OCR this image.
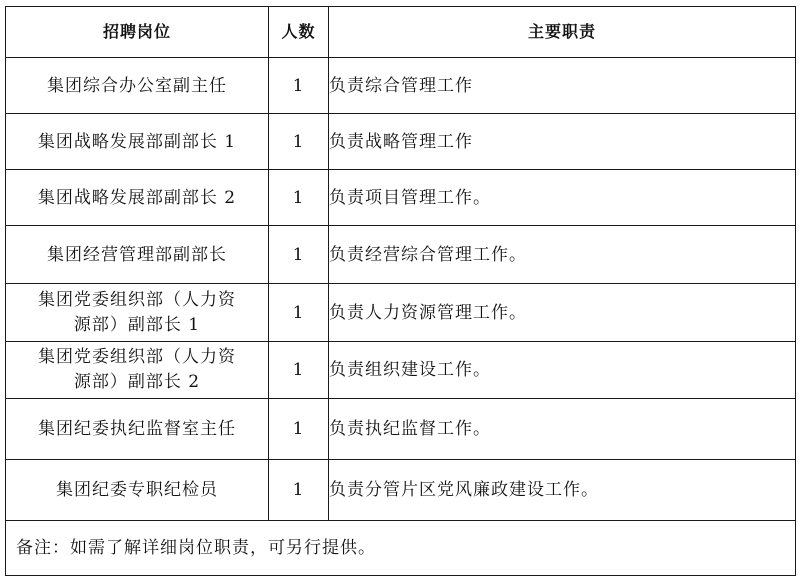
招聘岗位	人数	主要职责
集团综合办公室副主任	1	负责综合管理工作
集团战略发展部副部长 1	1	负责战略管理工作
集团战略发展部副部长 2	1	负责项目管理工作。
集团经营管理部副部长	1	负责经营综合管理工作。
集团党委组织部（人力资源部）副部长 1	1	负责人力资源管理工作。
集团党委组织部（人力资源部）副部长 2	1	负责组织建设工作。
集团纪委执纪监督室主任	1	负责执纪监督工作。
集团纪委专职纪检员	1	负责分管片区党风廉政建设工作。
备注：如需了解详细岗位职责，可另行提供。		
